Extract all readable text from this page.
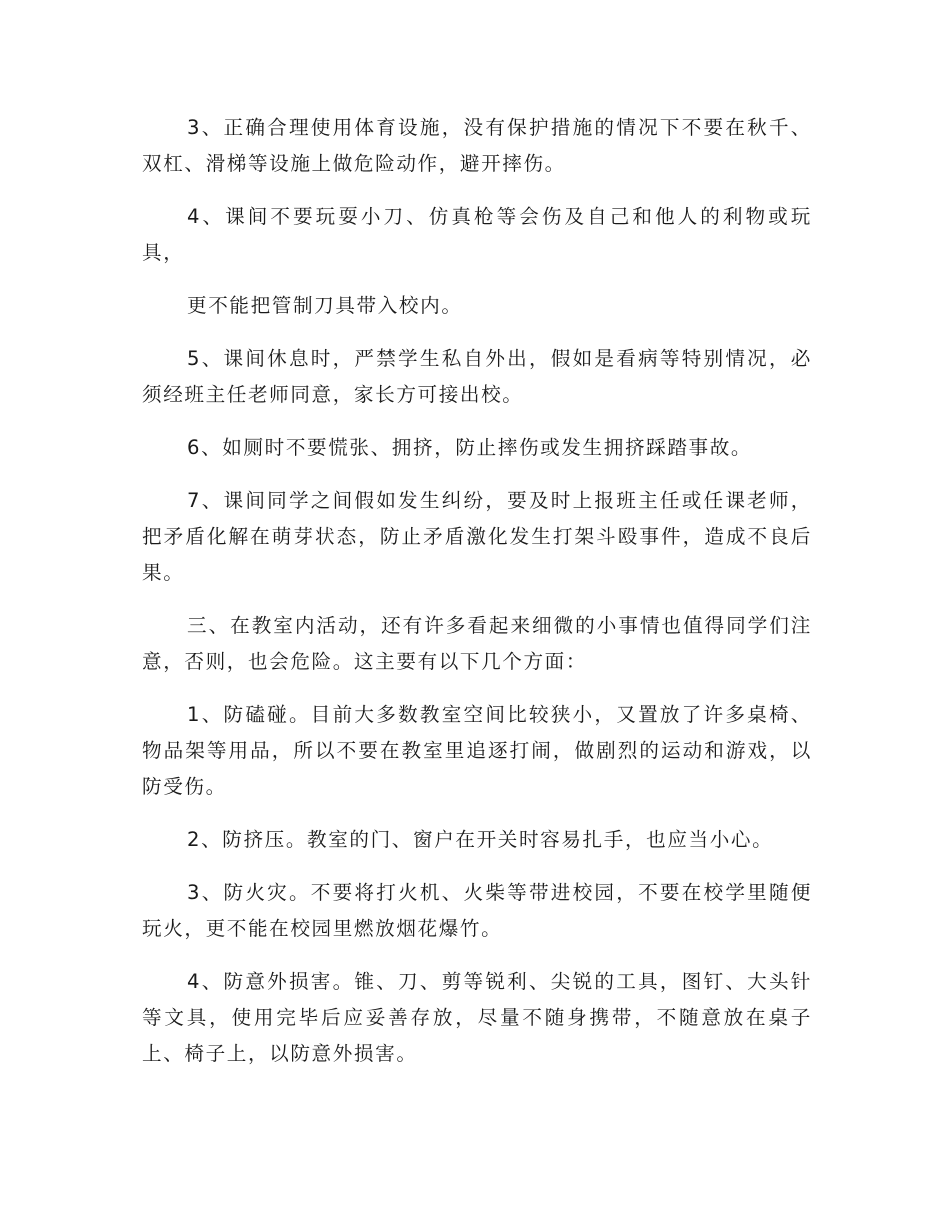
3、正确合理使用体育设施，没有保护措施的情况下不要在秋千、双杠、滑梯等设施上做危险动作，避开摔伤。

4、课间不要玩耍小刀、仿真枪等会伤及自己和他人的利物或玩具，

更不能把管制刀具带入校内。

5、课间休息时，严禁学生私自外出，假如是看病等特别情况，必须经班主任老师同意，家长方可接出校。

6、如厕时不要慌张、拥挤，防止摔伤或发生拥挤踩踏事故。

7、课间同学之间假如发生纠纷，要及时上报班主任或任课老师，把矛盾化解在萌芽状态，防止矛盾激化发生打架斗殴事件，造成不良后果。

三、在教室内活动，还有许多看起来细微的小事情也值得同学们注意，否则，也会危险。这主要有以下几个方面：

1、防磕碰。目前大多数教室空间比较狭小，又置放了许多桌椅、物品架等用品，所以不要在教室里追逐打闹，做剧烈的运动和游戏，以防受伤。

2、防挤压。教室的门、窗户在开关时容易扎手，也应当小心。

3、防火灾。不要将打火机、火柴等带进校园，不要在校学里随便玩火，更不能在校园里燃放烟花爆竹。

4、防意外损害。锥、刀、剪等锐利、尖锐的工具，图钉、大头针等文具，使用完毕后应妥善存放，尽量不随身携带，不随意放在桌子上、椅子上，以防意外损害。
